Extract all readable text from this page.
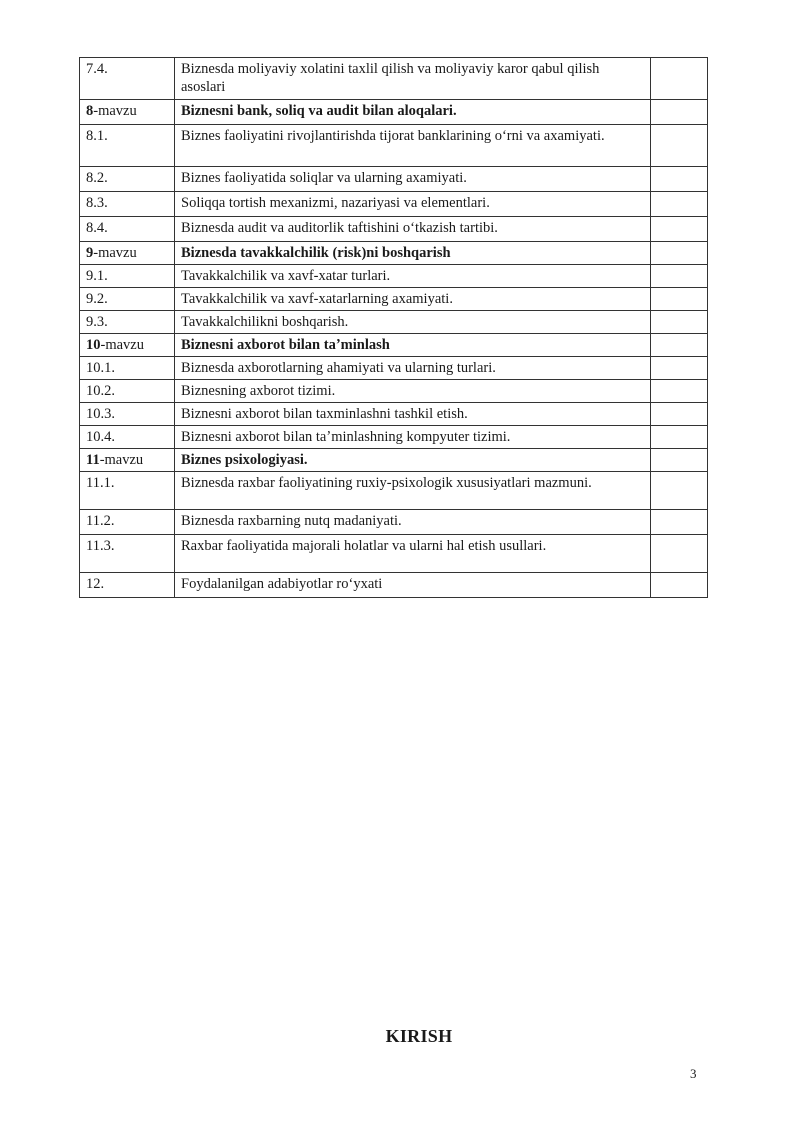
7.4.	Biznesda moliyaviy xolatini taxlil qilish va moliyaviy karor qabul qilish asoslari	
8-mavzu	Biznesni bank, soliq va audit bilan aloqalari.	
8.1.	Biznes faoliyatini rivojlantirishda tijorat banklarining oʻrni va axamiyati.	
8.2.	Biznes faoliyatida soliqlar va ularning axamiyati.	
8.3.	Soliqqa tortish mexanizmi, nazariyasi va elementlari.	
8.4.	Biznesda audit va auditorlik taftishini oʻtkazish tartibi.	
9-mavzu	Biznesda tavakkalchilik (risk)ni boshqarish	
9.1.	Tavakkalchilik va xavf-xatar turlari.	
9.2.	Tavakkalchilik va xavf-xatarlarning axamiyati.	
9.3.	Tavakkalchilikni boshqarish.	
10-mavzu	Biznesni axborot bilan taʼminlash	
10.1.	Biznesda axborotlarning ahamiyati va ularning turlari.	
10.2.	Biznesning axborot tizimi.	
10.3.	Biznesni axborot bilan taxminlashni tashkil etish.	
10.4.	Biznesni axborot bilan taʼminlashning kompyuter tizimi.	
11-mavzu	Biznes psixologiyasi.	
11.1.	Biznesda raxbar faoliyatining ruxiy-psixologik xususiyatlari mazmuni.	
11.2.	Biznesda raxbarning nutq madaniyati.	
11.3.	Raxbar faoliyatida majorali holatlar va ularni hal etish usullari.	
12.	Foydalanilgan adabiyotlar roʻyxati	
KIRISH
3
